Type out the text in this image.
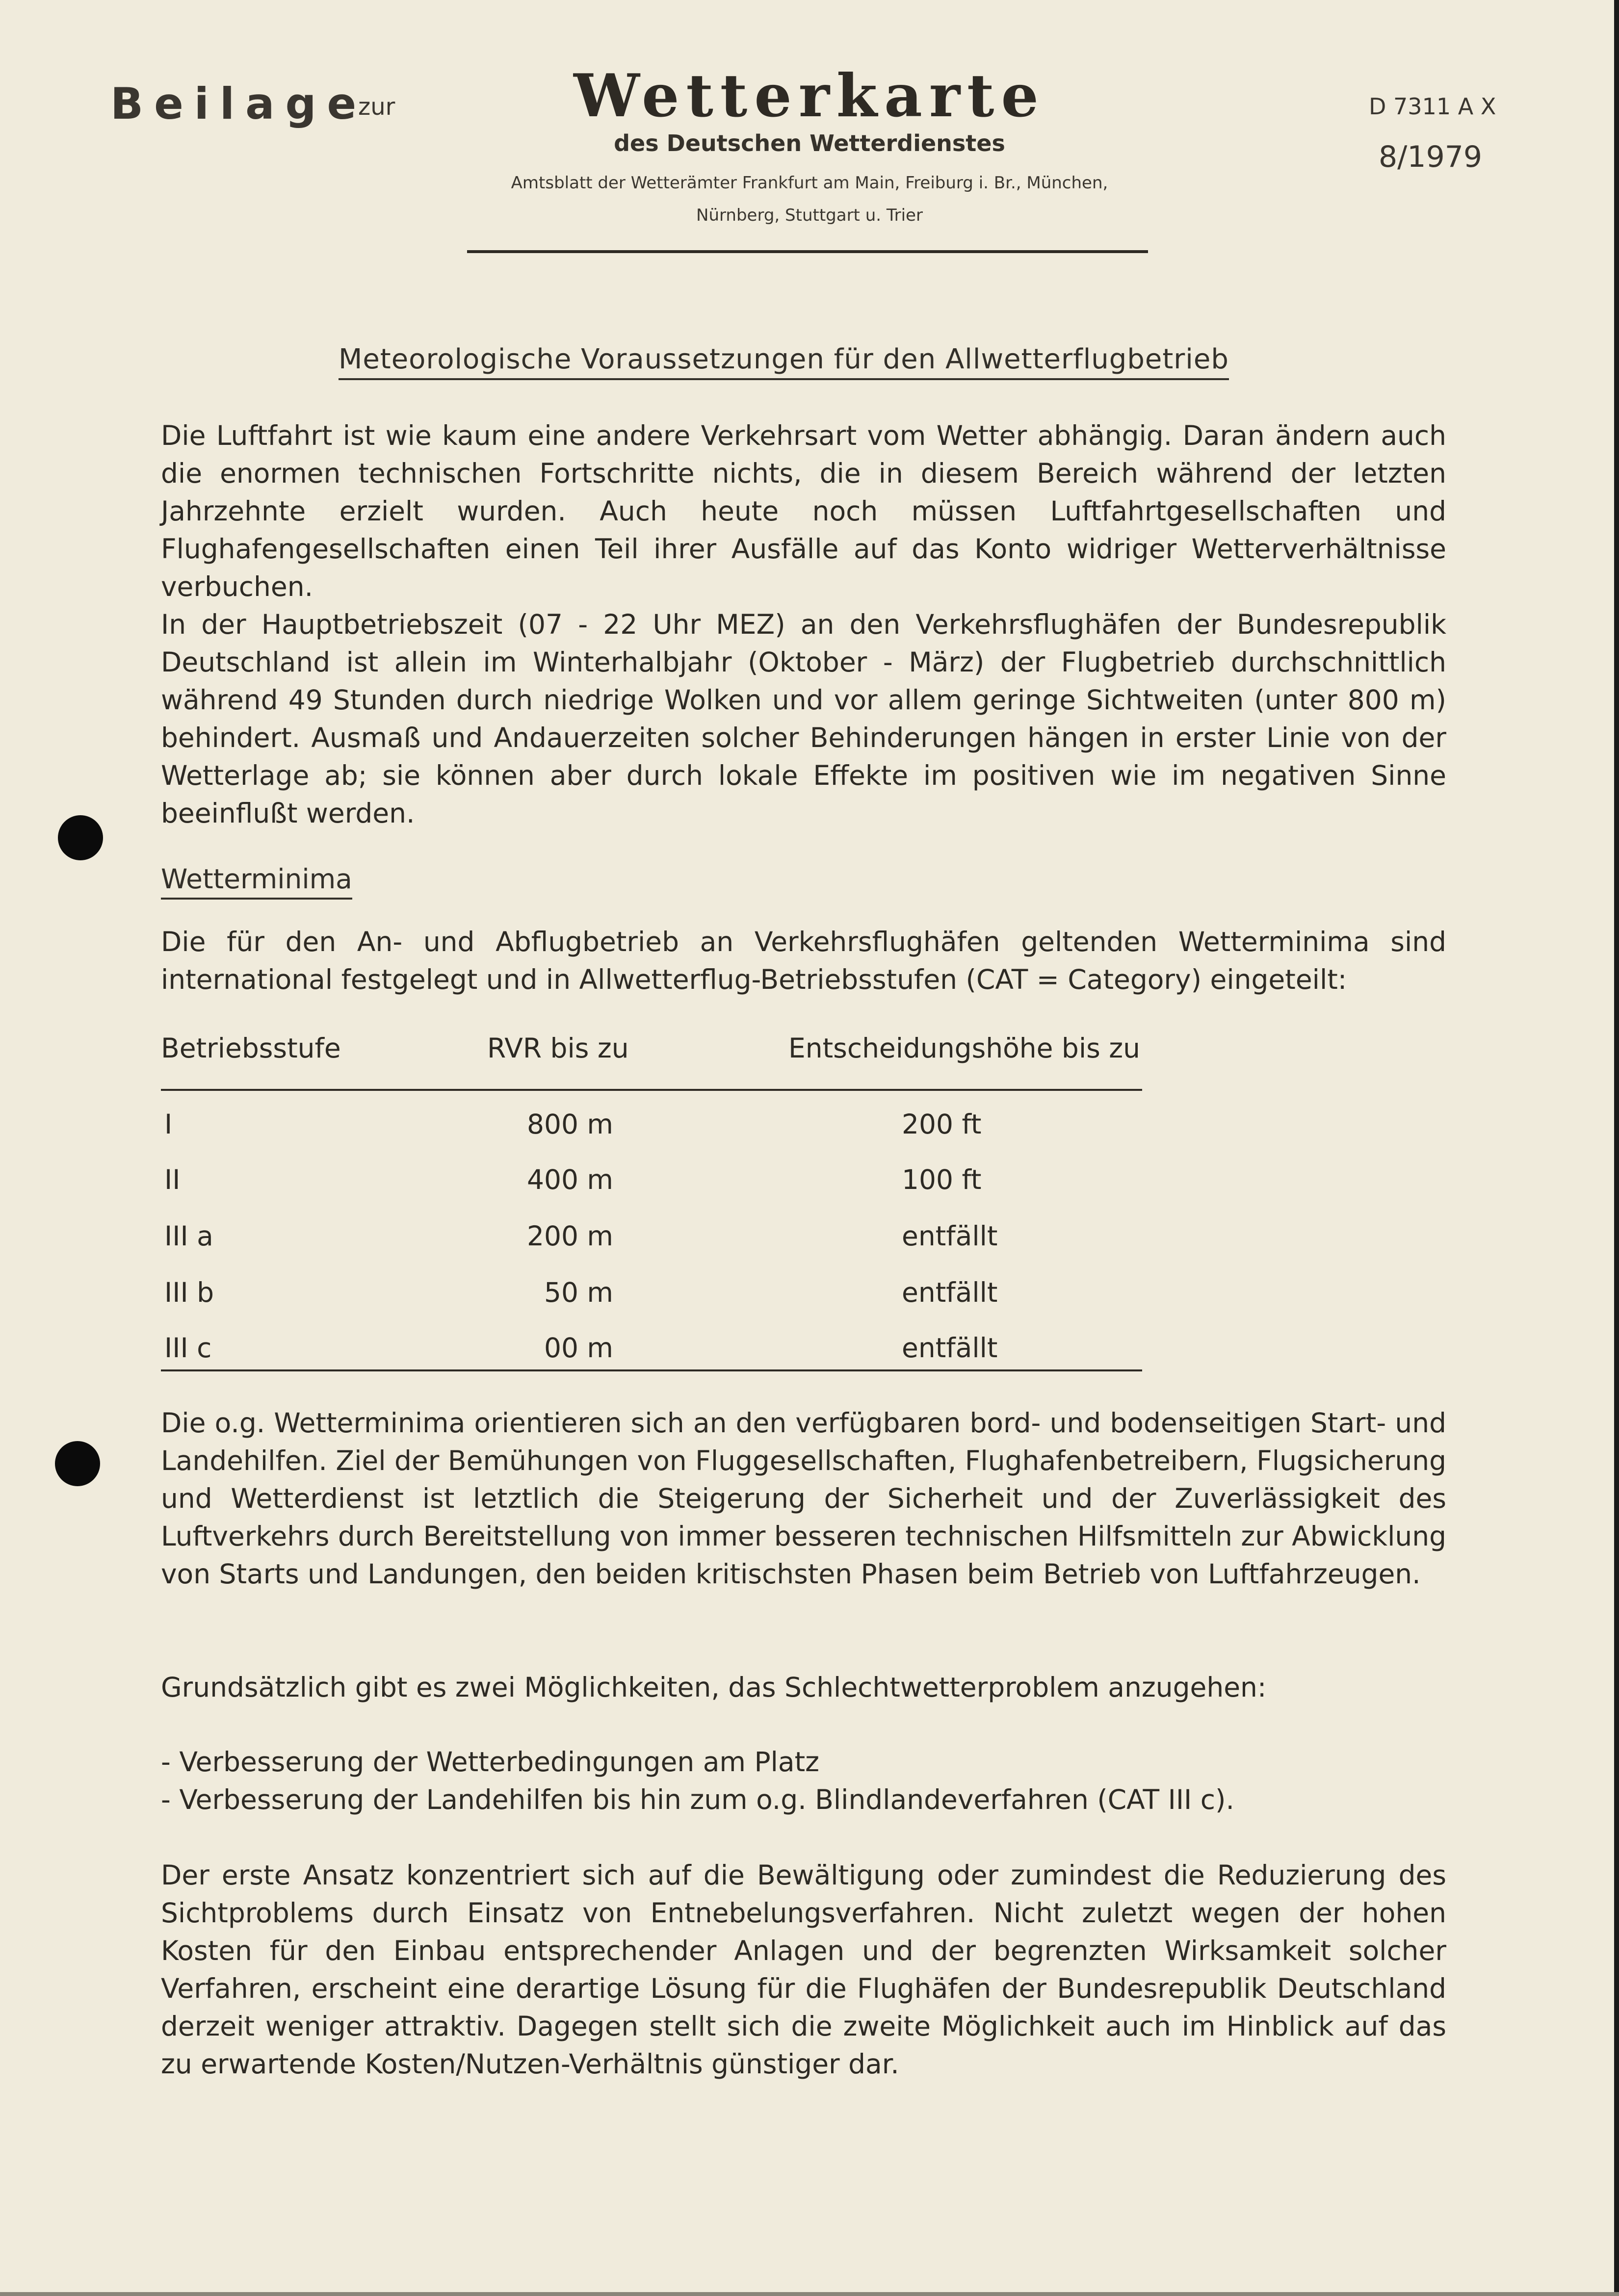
Beilage
zur	Wetterkarte
des Deutschen Wetterdienstes
Amtsblatt der Wetterämter Frankfurt am Main, Freiburg i. Br., München,
Nürnberg, Stuttgart u. Trier
D 7311 A X
8/1979
Meteorologische Voraussetzungen für den Allwetterflugbetrieb

Die Luftfahrt ist wie kaum eine andere Verkehrsart vom Wetter abhängig. Daran ändern auch die enormen technischen Fortschritte nichts, die in diesem Bereich während der letzten Jahrzehnte erzielt wurden. Auch heute noch müssen Luftfahrtgesellschaften und Flughafengesellschaften einen Teil ihrer Ausfälle auf das Konto widriger Wetterverhältnisse verbuchen.

In der Hauptbetriebszeit (07 - 22 Uhr MEZ) an den Verkehrsflughäfen der Bundesrepublik Deutschland ist allein im Winterhalbjahr (Oktober - März) der Flugbetrieb durchschnittlich während 49 Stunden durch niedrige Wolken und vor allem geringe Sichtweiten (unter 800 m) behindert. Ausmaß und Andauerzeiten solcher Behinderungen hängen in erster Linie von der Wetterlage ab; sie können aber durch lokale Effekte im positiven wie im negativen Sinne beeinflußt werden.

Wetterminima

Die für den An- und Abflugbetrieb an Verkehrsflughäfen geltenden Wetterminima sind international festgelegt und in Allwetterflug-Betriebsstufen (CAT = Category) eingeteilt:

Betriebsstufe	RVR bis zu	Entscheidungshöhe bis zu
I	800 m	200 ft
II	400 m	100 ft
III a	200 m	entfällt
III b	50 m	entfällt
III c	00 m	entfällt

Die o.g. Wetterminima orientieren sich an den verfügbaren bord- und bodenseitigen Start- und Landehilfen. Ziel der Bemühungen von Fluggesellschaften, Flughafenbetreibern, Flugsicherung und Wetterdienst ist letztlich die Steigerung der Sicherheit und der Zuverlässigkeit des Luftverkehrs durch Bereitstellung von immer besseren technischen Hilfsmitteln zur Abwicklung von Starts und Landungen, den beiden kritischsten Phasen beim Betrieb von Luftfahrzeugen.

Grundsätzlich gibt es zwei Möglichkeiten, das Schlechtwetterproblem anzugehen:

- Verbesserung der Wetterbedingungen am Platz

- Verbesserung der Landehilfen bis hin zum o.g. Blindlandeverfahren (CAT III c).

Der erste Ansatz konzentriert sich auf die Bewältigung oder zumindest die Reduzierung des Sichtproblems durch Einsatz von Entnebelungsverfahren. Nicht zuletzt wegen der hohen Kosten für den Einbau entsprechender Anlagen und der begrenzten Wirksamkeit solcher Verfahren, erscheint eine derartige Lösung für die Flughäfen der Bundesrepublik Deutschland derzeit weniger attraktiv. Dagegen stellt sich die zweite Möglichkeit auch im Hinblick auf das zu erwartende Kosten/Nutzen-Verhältnis günstiger dar.
